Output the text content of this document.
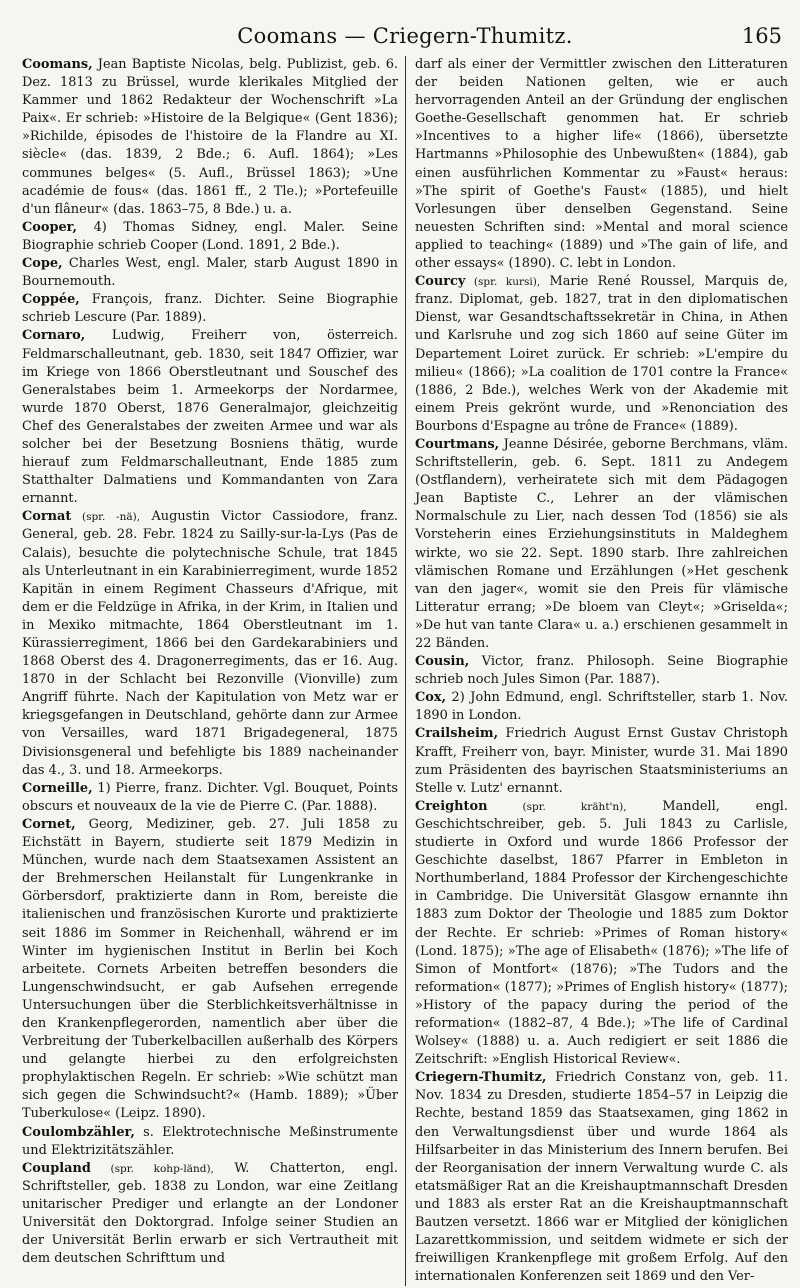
Coomans — Criegern-Thumitz.	165

Coomans, Jean Baptiste Nicolas, belg. Publizist, geb. 6. Dez. 1813 zu Brüssel, wurde klerikales Mitglied der Kammer und 1862 Redakteur der Wochenschrift »La Paix«. Er schrieb: »Histoire de la Belgique« (Gent 1836); »Richilde, épisodes de l'histoire de la Flandre au XI. siècle« (das. 1839, 2 Bde.; 6. Aufl. 1864); »Les communes belges« (5. Aufl., Brüssel 1863); »Une académie de fous« (das. 1861 ff., 2 Tle.); »Portefeuille d'un flâneur« (das. 1863–75, 8 Bde.) u. a.

Cooper, 4) Thomas Sidney, engl. Maler. Seine Biographie schrieb Cooper (Lond. 1891, 2 Bde.).

Cope, Charles West, engl. Maler, starb August 1890 in Bournemouth.

Coppée, François, franz. Dichter. Seine Biographie schrieb Lescure (Par. 1889).

Cornaro, Ludwig, Freiherr von, österreich. Feldmarschalleutnant, geb. 1830, seit 1847 Offizier, war im Kriege von 1866 Oberstleutnant und Souschef des Generalstabes beim 1. Armeekorps der Nordarmee, wurde 1870 Oberst, 1876 Generalmajor, gleichzeitig Chef des Generalstabes der zweiten Armee und war als solcher bei der Besetzung Bosniens thätig, wurde hierauf zum Feldmarschalleutnant, Ende 1885 zum Statthalter Dalmatiens und Kommandanten von Zara ernannt.

Cornat (spr. -nä), Augustin Victor Cassiodore, franz. General, geb. 28. Febr. 1824 zu Sailly-sur-la-Lys (Pas de Calais), besuchte die polytechnische Schule, trat 1845 als Unterleutnant in ein Karabinierregiment, wurde 1852 Kapitän in einem Regiment Chasseurs d'Afrique, mit dem er die Feldzüge in Afrika, in der Krim, in Italien und in Mexiko mitmachte, 1864 Oberstleutnant im 1. Kürassierregiment, 1866 bei den Gardekarabiniers und 1868 Oberst des 4. Dragonerregiments, das er 16. Aug. 1870 in der Schlacht bei Rezonville (Vionville) zum Angriff führte. Nach der Kapitulation von Metz war er kriegsgefangen in Deutschland, gehörte dann zur Armee von Versailles, ward 1871 Brigadegeneral, 1875 Divisionsgeneral und befehligte bis 1889 nacheinander das 4., 3. und 18. Armeekorps.

Corneille, 1) Pierre, franz. Dichter. Vgl. Bouquet, Points obscurs et nouveaux de la vie de Pierre C. (Par. 1888).

Cornet, Georg, Mediziner, geb. 27. Juli 1858 zu Eichstätt in Bayern, studierte seit 1879 Medizin in München, wurde nach dem Staatsexamen Assistent an der Brehmerschen Heilanstalt für Lungenkranke in Görbersdorf, praktizierte dann in Rom, bereiste die italienischen und französischen Kurorte und praktizierte seit 1886 im Sommer in Reichenhall, während er im Winter im hygienischen Institut in Berlin bei Koch arbeitete. Cornets Arbeiten betreffen besonders die Lungenschwindsucht, er gab Aufsehen erregende Untersuchungen über die Sterblichkeitsverhältnisse in den Krankenpflegerorden, namentlich aber über die Verbreitung der Tuberkelbacillen außerhalb des Körpers und gelangte hierbei zu den erfolgreichsten prophylaktischen Regeln. Er schrieb: »Wie schützt man sich gegen die Schwindsucht?« (Hamb. 1889); »Über Tuberkulose« (Leipz. 1890).

Coulombzähler, s. Elektrotechnische Meßinstrumente und Elektrizitätszähler.

Coupland (spr. kohp-länd), W. Chatterton, engl. Schriftsteller, geb. 1838 zu London, war eine Zeitlang unitarischer Prediger und erlangte an der Londoner Universität den Doktorgrad. Infolge seiner Studien an der Universität Berlin erwarb er sich Vertrautheit mit dem deutschen Schrifttum und

darf als einer der Vermittler zwischen den Litteraturen der beiden Nationen gelten, wie er auch hervorragenden Anteil an der Gründung der englischen Goethe-Gesellschaft genommen hat. Er schrieb »Incentives to a higher life« (1866), übersetzte Hartmanns »Philosophie des Unbewußten« (1884), gab einen ausführlichen Kommentar zu »Faust« heraus: »The spirit of Goethe's Faust« (1885), und hielt Vorlesungen über denselben Gegenstand. Seine neuesten Schriften sind: »Mental and moral science applied to teaching« (1889) und »The gain of life, and other essays« (1890). C. lebt in London.

Courcy (spr. kursi), Marie René Roussel, Marquis de, franz. Diplomat, geb. 1827, trat in den diplomatischen Dienst, war Gesandtschaftssekretär in China, in Athen und Karlsruhe und zog sich 1860 auf seine Güter im Departement Loiret zurück. Er schrieb: »L'empire du milieu« (1866); »La coalition de 1701 contre la France« (1886, 2 Bde.), welches Werk von der Akademie mit einem Preis gekrönt wurde, und »Renonciation des Bourbons d'Espagne au trône de France« (1889).

Courtmans, Jeanne Désirée, geborne Berchmans, vläm. Schriftstellerin, geb. 6. Sept. 1811 zu Andegem (Ostflandern), verheiratete sich mit dem Pädagogen Jean Baptiste C., Lehrer an der vlämischen Normalschule zu Lier, nach dessen Tod (1856) sie als Vorsteherin eines Erziehungsinstituts in Maldeghem wirkte, wo sie 22. Sept. 1890 starb. Ihre zahlreichen vlämischen Romane und Erzählungen (»Het geschenk van den jager«, womit sie den Preis für vlämische Litteratur errang; »De bloem van Cleyt«; »Griselda«; »De hut van tante Clara« u. a.) erschienen gesammelt in 22 Bänden.

Cousin, Victor, franz. Philosoph. Seine Biographie schrieb noch Jules Simon (Par. 1887).

Cox, 2) John Edmund, engl. Schriftsteller, starb 1. Nov. 1890 in London.

Crailsheim, Friedrich August Ernst Gustav Christoph Krafft, Freiherr von, bayr. Minister, wurde 31. Mai 1890 zum Präsidenten des bayrischen Staatsministeriums an Stelle v. Lutz' ernannt.

Creighton (spr. kräht'n), Mandell, engl. Geschichtschreiber, geb. 5. Juli 1843 zu Carlisle, studierte in Oxford und wurde 1866 Professor der Geschichte daselbst, 1867 Pfarrer in Embleton in Northumberland, 1884 Professor der Kirchengeschichte in Cambridge. Die Universität Glasgow ernannte ihn 1883 zum Doktor der Theologie und 1885 zum Doktor der Rechte. Er schrieb: »Primes of Roman history« (Lond. 1875); »The age of Elisabeth« (1876); »The life of Simon of Montfort« (1876); »The Tudors and the reformation« (1877); »Primes of English history« (1877); »History of the papacy during the period of the reformation« (1882–87, 4 Bde.); »The life of Cardinal Wolsey« (1888) u. a. Auch redigiert er seit 1886 die Zeitschrift: »English Historical Review«.

Criegern-Thumitz, Friedrich Constanz von, geb. 11. Nov. 1834 zu Dresden, studierte 1854–57 in Leipzig die Rechte, bestand 1859 das Staatsexamen, ging 1862 in den Verwaltungsdienst über und wurde 1864 als Hilfsarbeiter in das Ministerium des Innern berufen. Bei der Reorganisation der innern Verwaltung wurde C. als etatsmäßiger Rat an die Kreishauptmannschaft Dresden und 1883 als erster Rat an die Kreishauptmannschaft Bautzen versetzt. 1866 war er Mitglied der königlichen Lazarettkommission, und seitdem widmete er sich der freiwilligen Krankenpflege mit großem Erfolg. Auf den internationalen Konferenzen seit 1869 und den Ver-
